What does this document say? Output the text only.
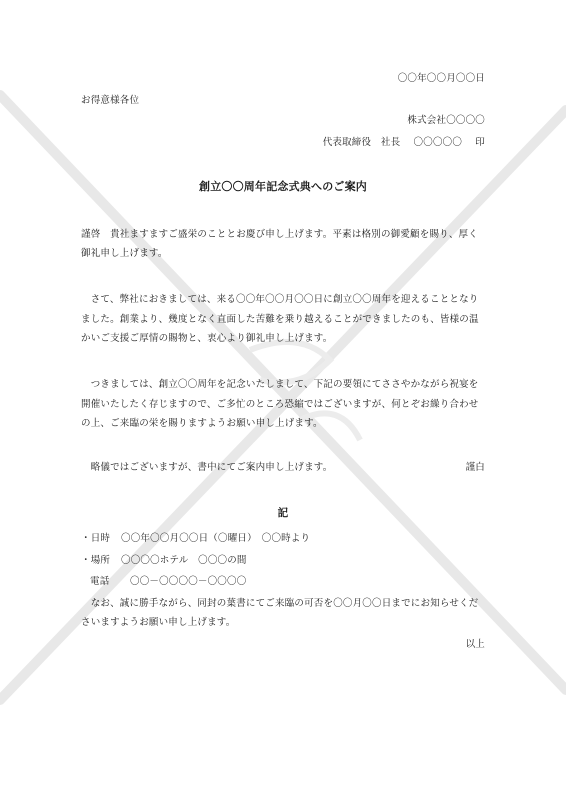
〇〇年〇〇月〇〇日
お得意様各位
株式会社〇〇〇〇
代表取締役　社長 〇〇〇〇〇 印
創立〇〇周年記念式典へのご案内
謹啓　貴社ますますご盛栄のこととお慶び申し上げます。平素は格別の御愛顧を賜り、厚く
御礼申し上げます。
　さて、弊社におきましては、来る〇〇年〇〇月〇〇日に創立〇〇周年を迎えることとなり
ました。創業より、幾度となく直面した苦難を乗り越えることができましたのも、皆様の温
かいご支援ご厚情の賜物と、衷心より御礼申し上げます。
　つきましては、創立〇〇周年を記念いたしまして、下記の要領にてささやかながら祝宴を
開催いたしたく存じますので、ご多忙のところ恐縮ではございますが、何とぞお繰り合わせ
の上、ご来臨の栄を賜りますようお願い申し上げます。
　略儀ではございますが、書中にてご案内申し上げます。	謹白
記
・日時 〇〇年〇〇月〇〇日（〇曜日）　〇〇時より
・場所 〇〇〇〇ホテル　〇〇〇の間
電話 〇〇－〇〇〇〇－〇〇〇〇
　なお、誠に勝手ながら、同封の葉書にてご来臨の可否を〇〇月〇〇日までにお知らせくだ
さいますようお願い申し上げます。
以上
